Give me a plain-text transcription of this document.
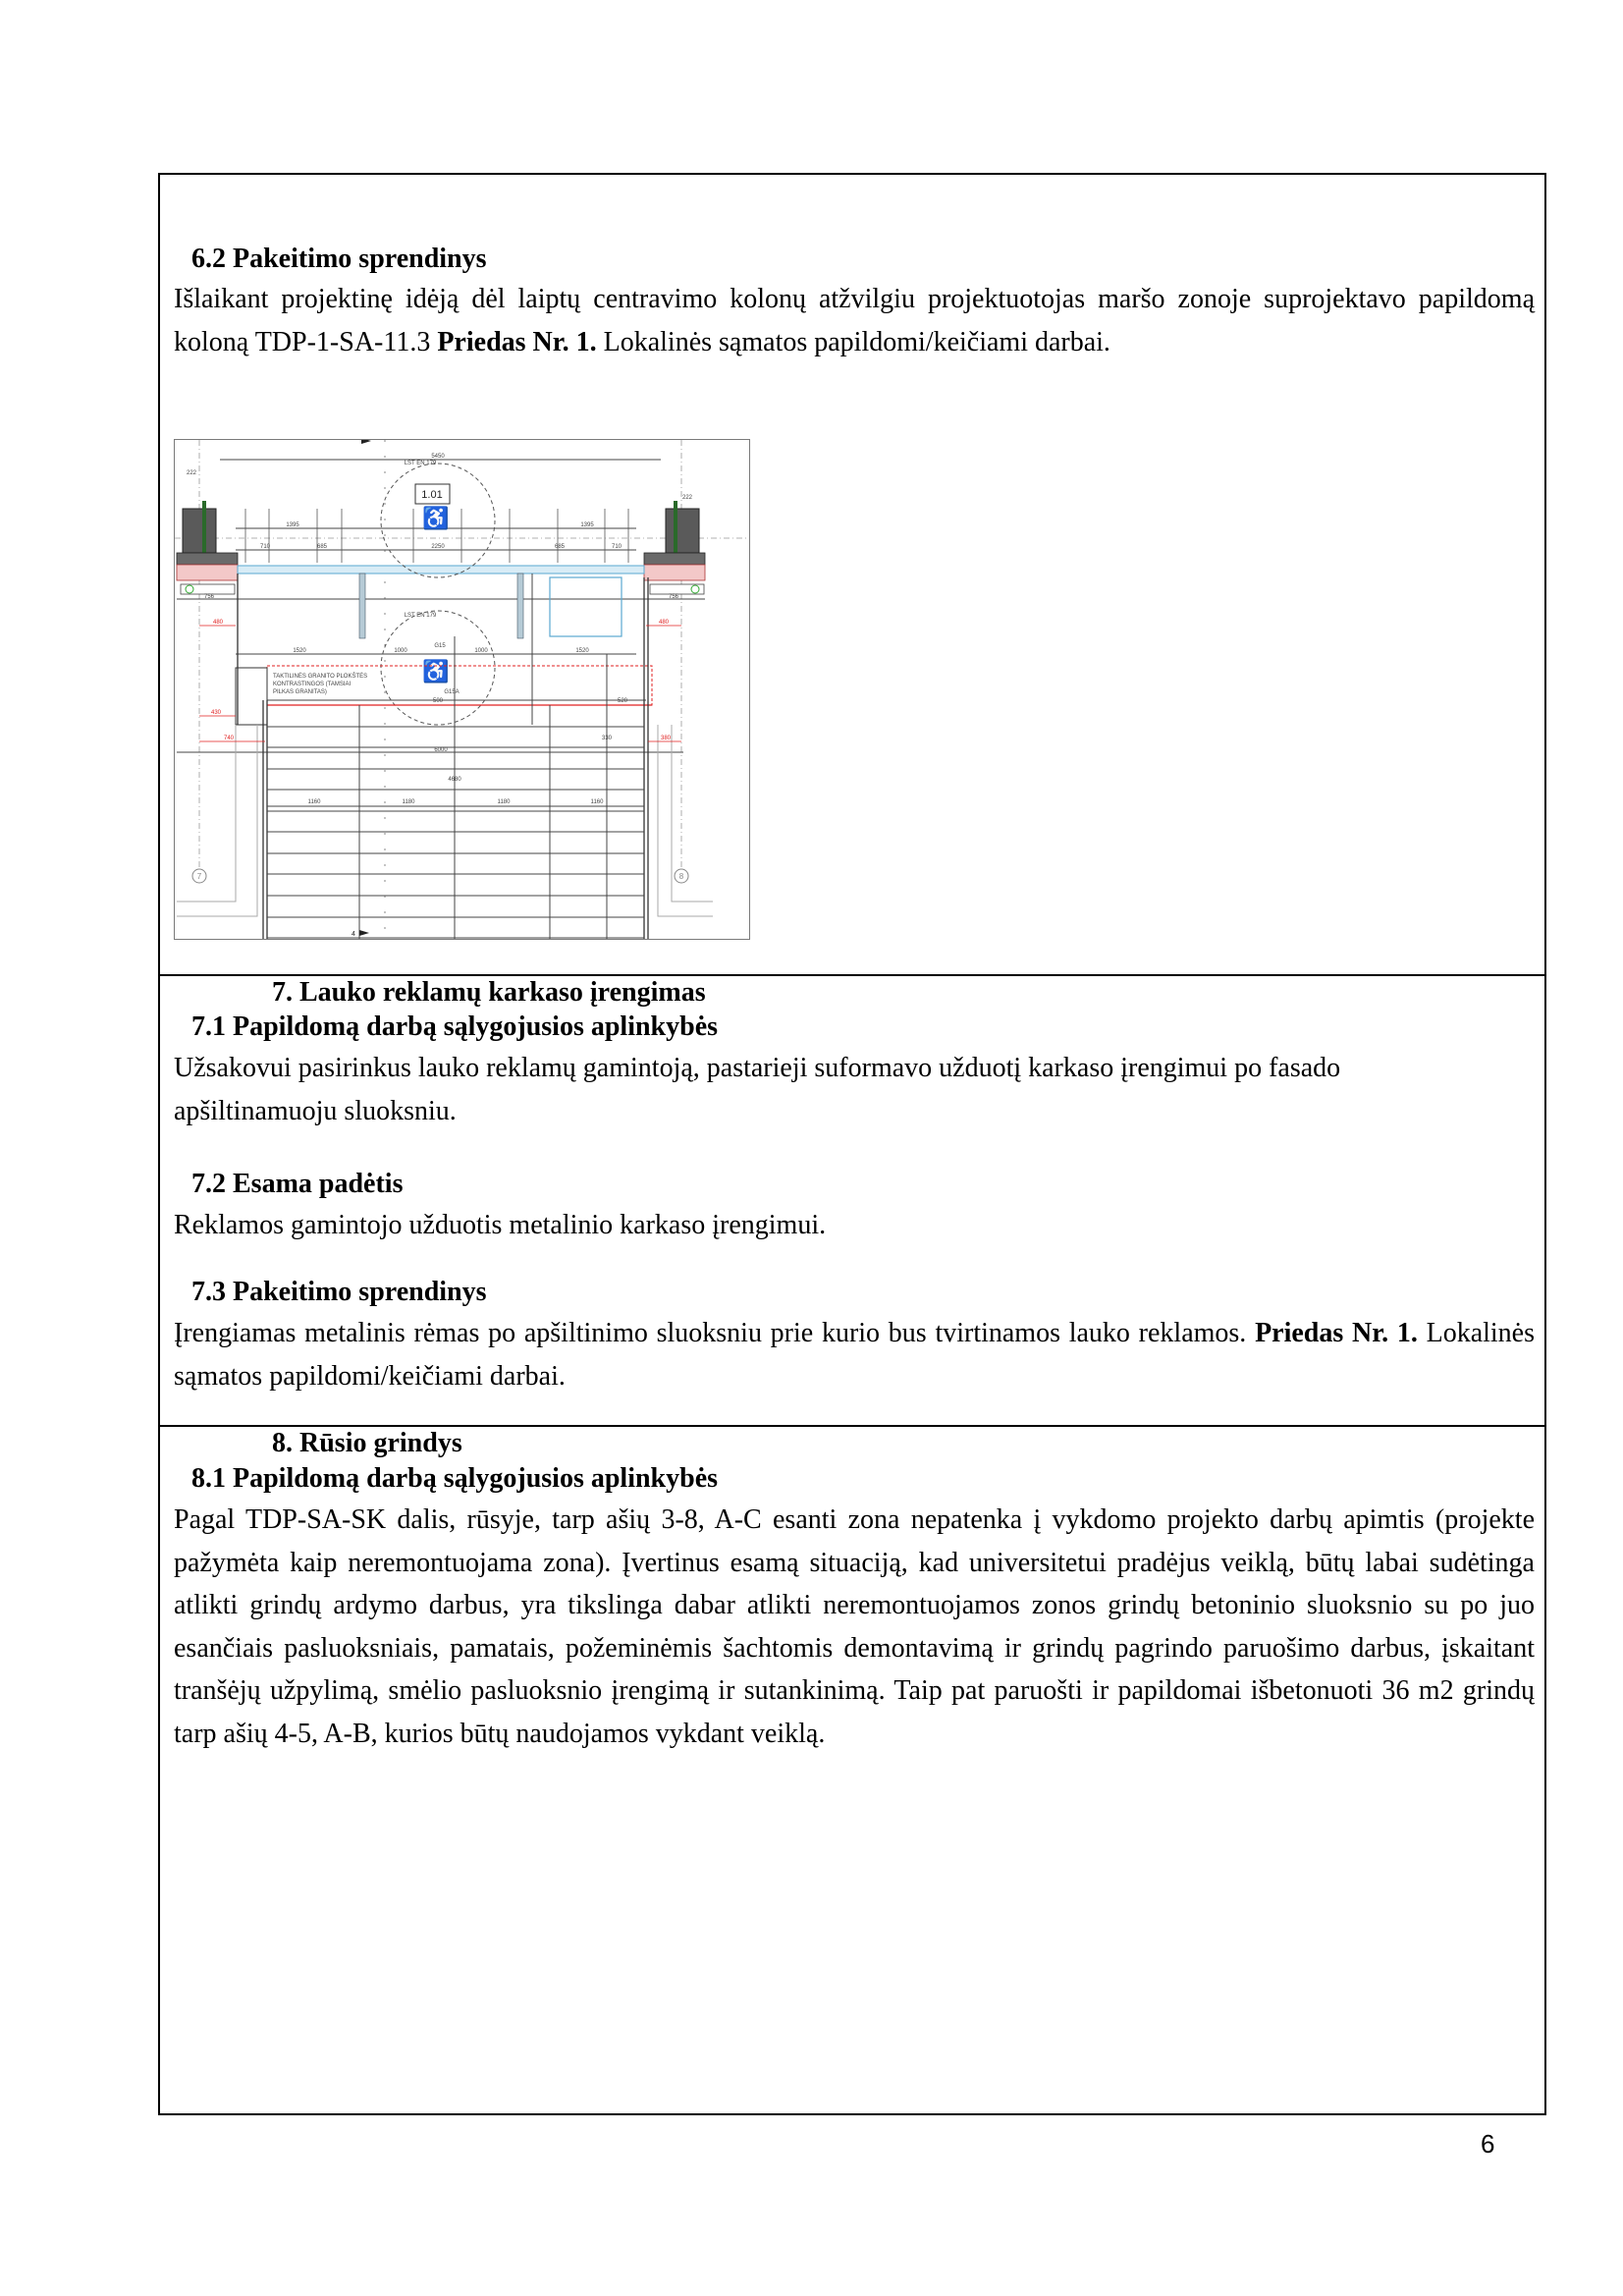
6.2 Pakeitimo sprendinys
Išlaikant projektinę idėją dėl laiptų centravimo kolonų atžvilgiu projektuotojas maršo zonoje suprojektavo papildomą koloną TDP-1-SA-11.3 Priedas Nr. 1. Lokalinės sąmatos papildomi/keičiami darbai.
1.01
♿
♿
7	8
5450
LST EN 179
222
222
1395	1395
710	685	2250	685	710
756	756
LST EN 179
1520	1000	1000	1520
G15
G15A
TAKTILINĖS GRANITO PLOKŠTĖS
KONTRASTINGOS (TAMSIAI
PILKAS GRANITAS)
500	520
6000
4680
1160	1180	1180	1160
330
480	480
430
740	380
4
7. Lauko reklamų karkaso įrengimas
7.1 Papildomą darbą sąlygojusios aplinkybės
Užsakovui pasirinkus lauko reklamų gamintoją, pastarieji suformavo užduotį karkaso įrengimui po fasado apšiltinamuoju sluoksniu.
7.2 Esama padėtis
Reklamos gamintojo užduotis metalinio karkaso įrengimui.
7.3 Pakeitimo sprendinys
Įrengiamas metalinis rėmas po apšiltinimo sluoksniu prie kurio bus tvirtinamos lauko reklamos. Priedas Nr. 1. Lokalinės sąmatos papildomi/keičiami darbai.
8. Rūsio grindys
8.1 Papildomą darbą sąlygojusios aplinkybės
Pagal TDP-SA-SK dalis, rūsyje, tarp ašių 3-8, A-C esanti zona nepatenka į vykdomo projekto darbų apimtis (projekte pažymėta kaip neremontuojama zona). Įvertinus esamą situaciją, kad universitetui pradėjus veiklą, būtų labai sudėtinga atlikti grindų ardymo darbus, yra tikslinga dabar atlikti neremontuojamos zonos grindų betoninio sluoksnio su po juo esančiais pasluoksniais, pamatais, požeminėmis šachtomis demontavimą ir grindų pagrindo paruošimo darbus, įskaitant tranšėjų užpylimą, smėlio pasluoksnio įrengimą ir sutankinimą. Taip pat paruošti ir papildomai išbetonuoti 36 m2 grindų tarp ašių 4-5, A-B, kurios būtų naudojamos vykdant veiklą.
6
